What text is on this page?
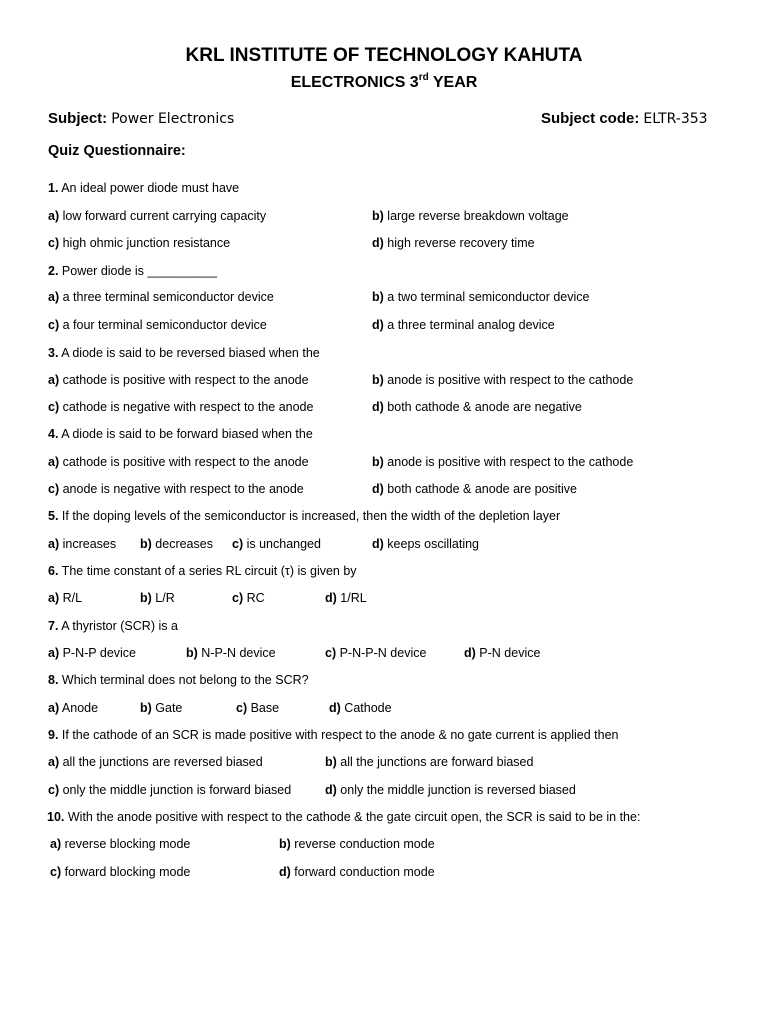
KRL INSTITUTE OF TECHNOLOGY KAHUTA
ELECTRONICS 3rd YEAR
Subject: Power Electronics	Subject code: ELTR-353
Quiz Questionnaire:
1. An ideal power diode must have
a) low forward current carrying capacity	b) large reverse breakdown voltage
c) high ohmic junction resistance	d) high reverse recovery time
2. Power diode is __________
a) a three terminal semiconductor device	b) a two terminal semiconductor device
c) a four terminal semiconductor device	d) a three terminal analog device
3. A diode is said to be reversed biased when the
a) cathode is positive with respect to the anode	b) anode is positive with respect to the cathode
c) cathode is negative with respect to the anode	d) both cathode & anode are negative
4. A diode is said to be forward biased when the
a) cathode is positive with respect to the anode	b) anode is positive with respect to the cathode
c) anode is negative with respect to the anode	d) both cathode & anode are positive
5. If the doping levels of the semiconductor is increased, then the width of the depletion layer
a) increases b) decreases c) is unchanged	d) keeps oscillating
6. The time constant of a series RL circuit (τ) is given by
a) R/L	b) L/R	c) RC	d) 1/RL
7. A thyristor (SCR) is a
a) P-N-P device	b) N-P-N device	c) P-N-P-N device	d) P-N device
8. Which terminal does not belong to the SCR?
a) Anode	b) Gate	c) Base	d) Cathode
9. If the cathode of an SCR is made positive with respect to the anode & no gate current is applied then
a) all the junctions are reversed biased	b) all the junctions are forward biased
c) only the middle junction is forward biased	d) only the middle junction is reversed biased
10. With the anode positive with respect to the cathode & the gate circuit open, the SCR is said to be in the:
a) reverse blocking mode	b) reverse conduction mode
c) forward blocking mode	d) forward conduction mode
